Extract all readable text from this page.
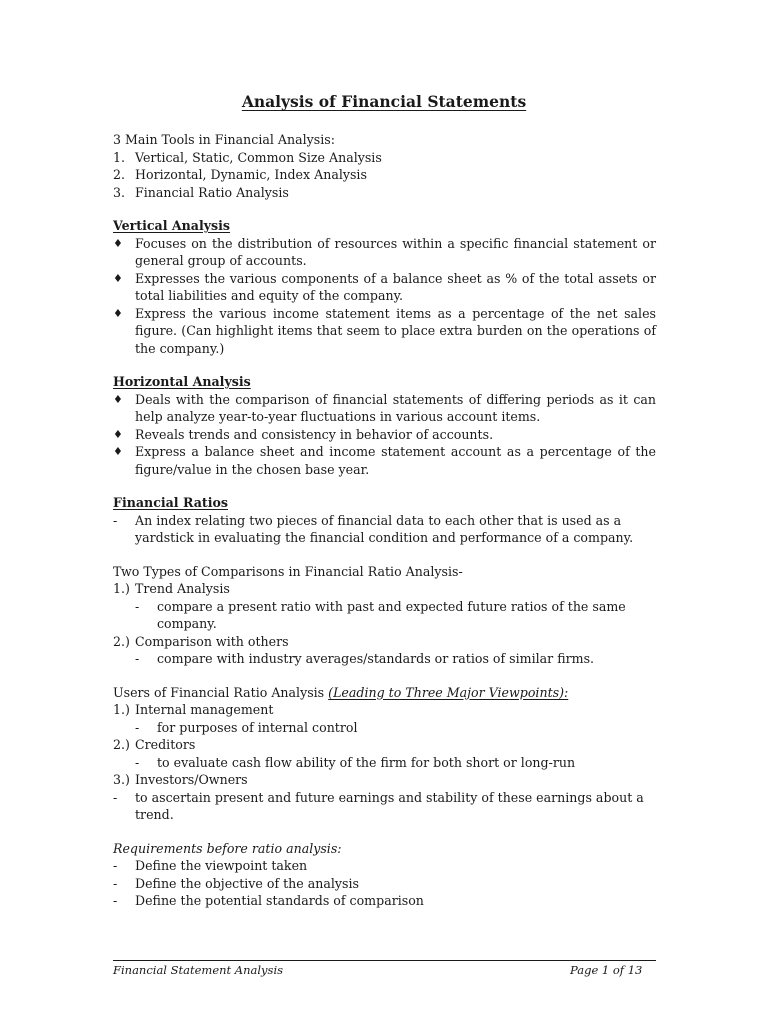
Analysis of Financial Statements
3 Main Tools in Financial Analysis:
1. Vertical, Static, Common Size Analysis
2. Horizontal, Dynamic, Index Analysis
3. Financial Ratio Analysis
Vertical Analysis
♦ Focuses on the distribution of resources within a specific financial statement or general group of accounts.
♦ Expresses the various components of a balance sheet as % of the total assets or total liabilities and equity of the company.
♦ Express the various income statement items as a percentage of the net sales figure. (Can highlight items that seem to place extra burden on the operations of the company.)
Horizontal Analysis
♦ Deals with the comparison of financial statements of differing periods as it can help analyze year-to-year fluctuations in various account items.
♦ Reveals trends and consistency in behavior of accounts.
♦ Express a balance sheet and income statement account as a percentage of the figure/value in the chosen base year.
Financial Ratios
-	An index relating two pieces of financial data to each other that is used as a yardstick in evaluating the financial condition and performance of a company.
Two Types of Comparisons in Financial Ratio Analysis-
1.) Trend Analysis
-	compare a present ratio with past and expected future ratios of the same company.
2.) Comparison with others
-	compare with industry averages/standards or ratios of similar firms.
Users of Financial Ratio Analysis (Leading to Three Major Viewpoints):
1.) Internal management
-	for purposes of internal control
2.) Creditors
-	to evaluate cash flow ability of the firm for both short or long-run
3.) Investors/Owners
-	to ascertain present and future earnings and stability of these earnings about a trend.
Requirements before ratio analysis:
-	Define the viewpoint taken
-	Define the objective of the analysis
-	Define the potential standards of comparison
Financial Statement Analysis	Page 1 of 13
